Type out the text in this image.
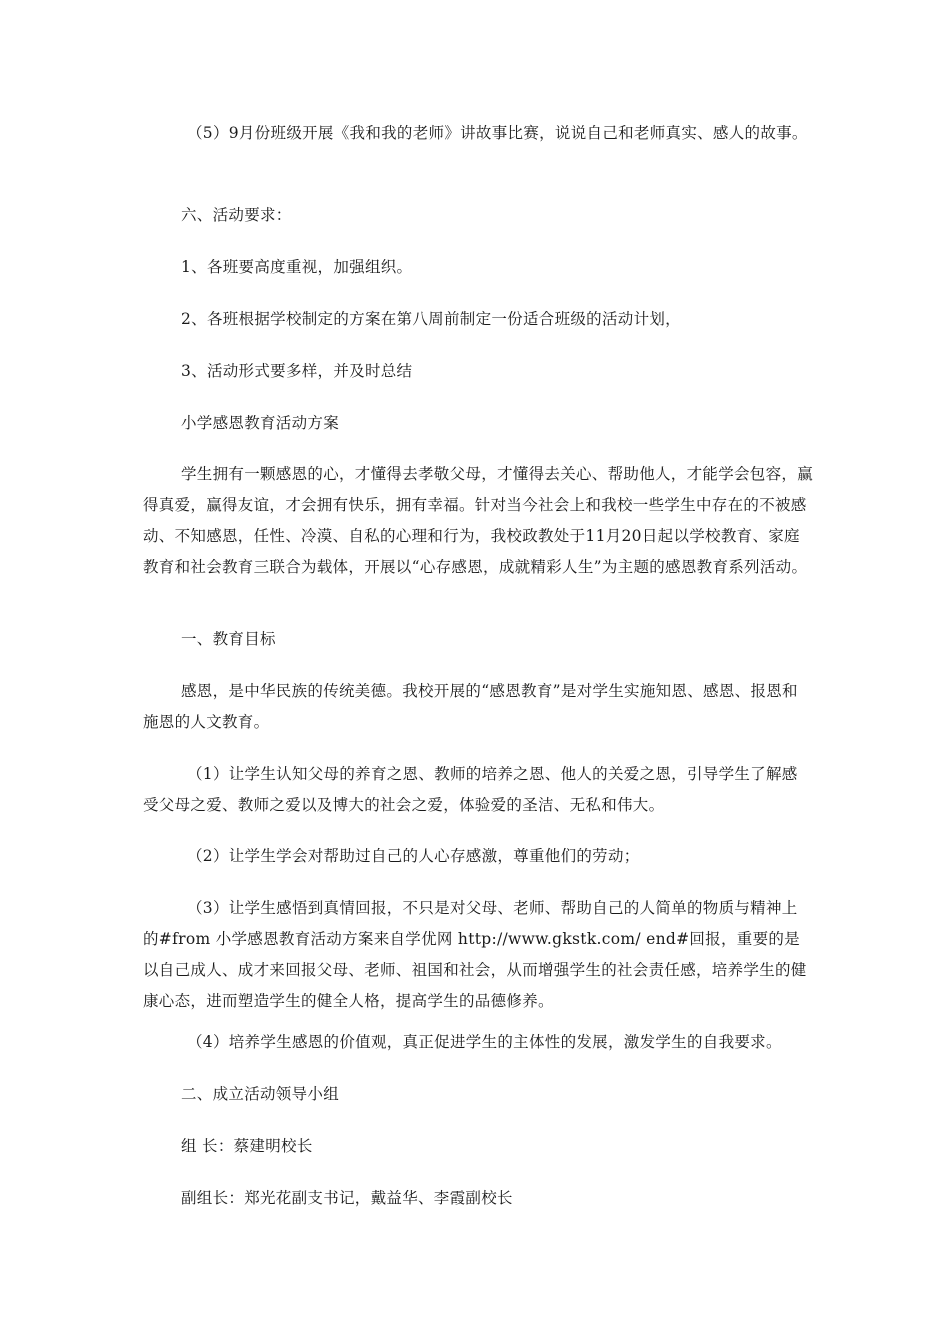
（5）9月份班级开展《我和我的老师》讲故事比赛，说说自己和老师真实、感人的故事。

六、活动要求：

1、各班要高度重视，加强组织。

2、各班根据学校制定的方案在第八周前制定一份适合班级的活动计划，

3、活动形式要多样，并及时总结

小学感恩教育活动方案

学生拥有一颗感恩的心，才懂得去孝敬父母，才懂得去关心、帮助他人，才能学会包容，赢得真爱，赢得友谊，才会拥有快乐，拥有幸福。针对当今社会上和我校一些学生中存在的不被感动、不知感恩，任性、冷漠、自私的心理和行为，我校政教处于11月20日起以学校教育、家庭教育和社会教育三联合为载体，开展以“心存感恩，成就精彩人生”为主题的感恩教育系列活动。

一、教育目标

感恩，是中华民族的传统美德。我校开展的“感恩教育”是对学生实施知恩、感恩、报恩和施恩的人文教育。

（1）让学生认知父母的养育之恩、教师的培养之恩、他人的关爱之恩，引导学生了解感受父母之爱、教师之爱以及博大的社会之爱，体验爱的圣洁、无私和伟大。

（2）让学生学会对帮助过自己的人心存感激，尊重他们的劳动；

（3）让学生感悟到真情回报，不只是对父母、老师、帮助自己的人简单的物质与精神上的#from 小学感恩教育活动方案来自学优网 http://www.gkstk.com/ end#回报，重要的是以自己成人、成才来回报父母、老师、祖国和社会，从而增强学生的社会责任感，培养学生的健康心态，进而塑造学生的健全人格，提高学生的品德修养。

（4）培养学生感恩的价值观，真正促进学生的主体性的发展，激发学生的自我要求。

二、成立活动领导小组

组 长：蔡建明校长

副组长：郑光花副支书记，戴益华、李霞副校长
